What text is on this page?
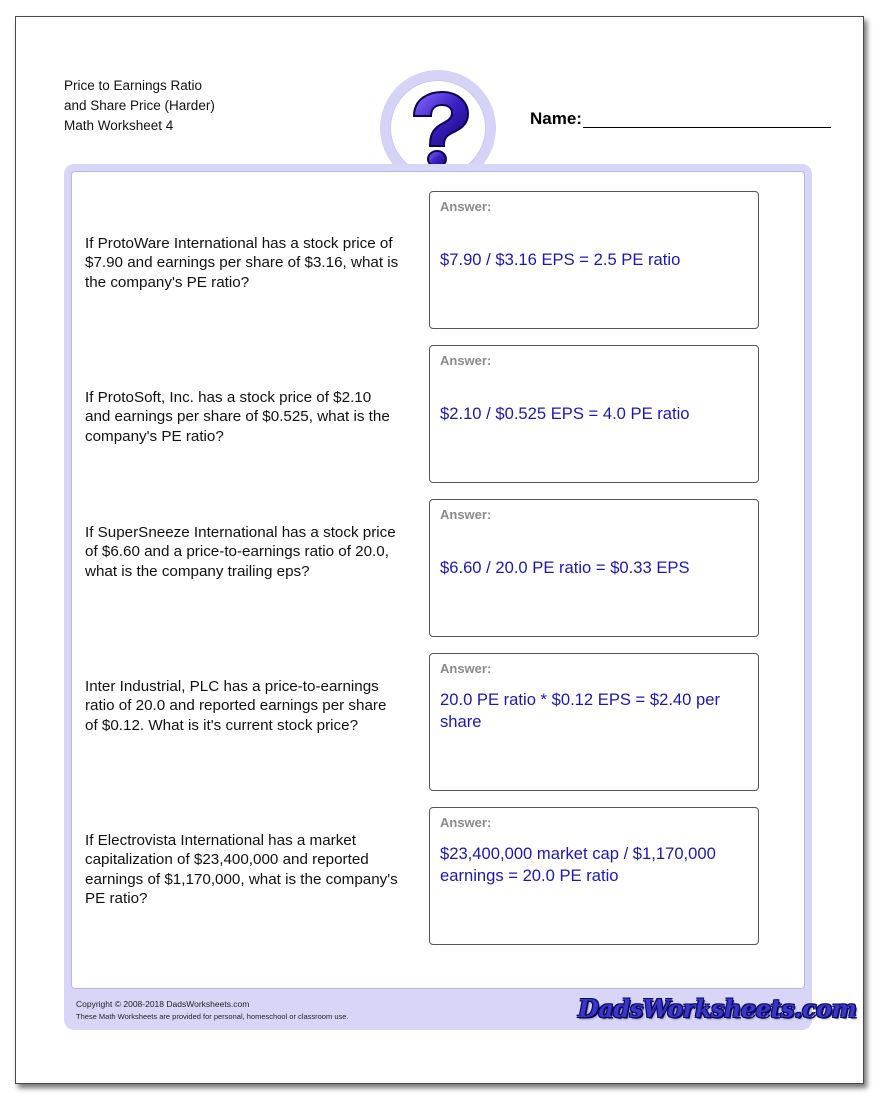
Price to Earnings Ratio
and Share Price (Harder)
Math Worksheet 4	Name:
If ProtoWare International has a stock price of $7.90 and earnings per share of $3.16, what is the company's PE ratio?
Answer:
$7.90 / $3.16 EPS = 2.5 PE ratio
If ProtoSoft, Inc. has a stock price of $2.10 and earnings per share of $0.525, what is the company's PE ratio?
Answer:
$2.10 / $0.525 EPS = 4.0 PE ratio
If SuperSneeze International has a stock price of $6.60 and a price-to-earnings ratio of 20.0, what is the company trailing eps?
Answer:
$6.60 / 20.0 PE ratio = $0.33 EPS
Inter Industrial, PLC has a price-to-earnings ratio of 20.0 and reported earnings per share of $0.12. What is it's current stock price?
Answer:
20.0 PE ratio * $0.12 EPS = $2.40 per share
If Electrovista International has a market capitalization of $23,400,000 and reported earnings of $1,170,000, what is the company's PE ratio?
Answer:
$23,400,000 market cap / $1,170,000 earnings = 20.0 PE ratio
Copyright © 2008-2018 DadsWorksheets.com
These Math Worksheets are provided for personal, homeschool or classroom use.	DadsWorksheets.com
